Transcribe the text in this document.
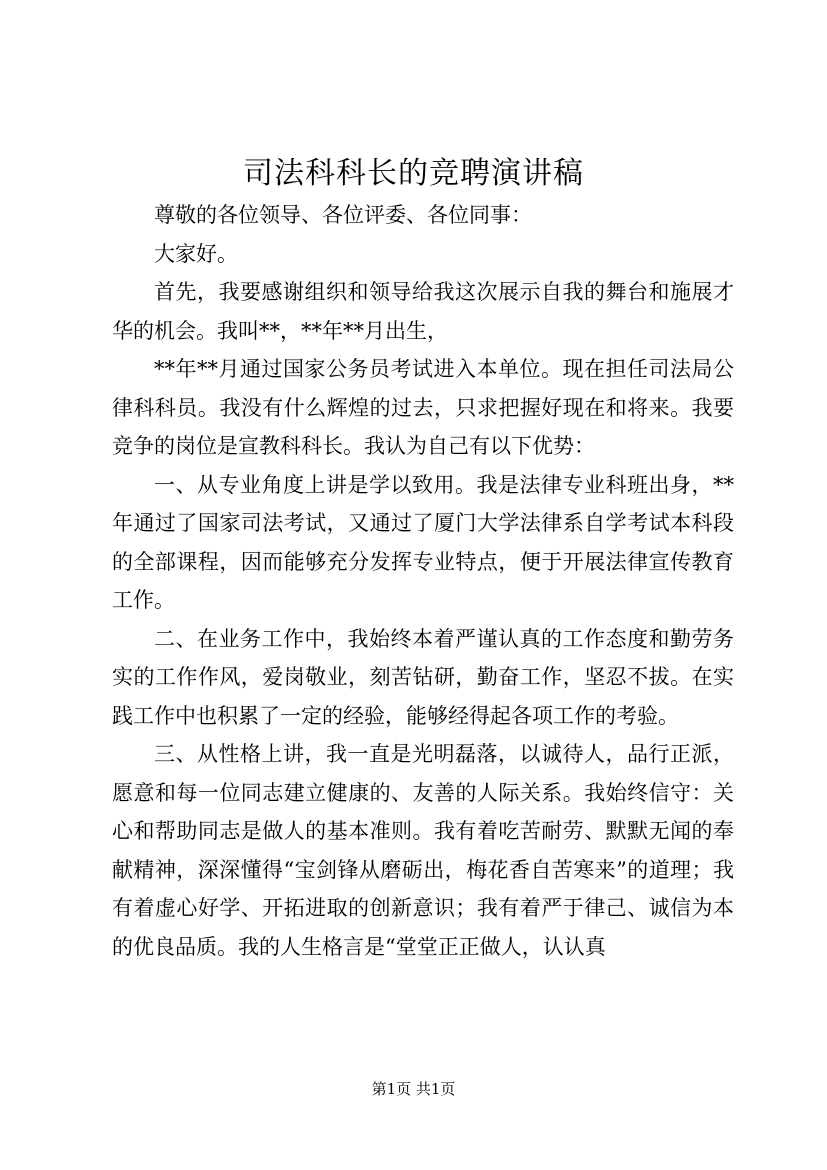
司法科科长的竞聘演讲稿

尊敬的各位领导、各位评委、各位同事：

大家好。

首先，我要感谢组织和领导给我这次展示自我的舞台和施展才华的机会。我叫**，**年**月出生，

**年**月通过国家公务员考试进入本单位。现在担任司法局公律科科员。我没有什么辉煌的过去，只求把握好现在和将来。我要竞争的岗位是宣教科科长。我认为自己有以下优势：

一、从专业角度上讲是学以致用。我是法律专业科班出身，**年通过了国家司法考试，又通过了厦门大学法律系自学考试本科段的全部课程，因而能够充分发挥专业特点，便于开展法律宣传教育工作。

二、在业务工作中，我始终本着严谨认真的工作态度和勤劳务实的工作作风，爱岗敬业，刻苦钻研，勤奋工作，坚忍不拔。在实践工作中也积累了一定的经验，能够经得起各项工作的考验。

三、从性格上讲，我一直是光明磊落，以诚待人，品行正派，愿意和每一位同志建立健康的、友善的人际关系。我始终信守：关心和帮助同志是做人的基本准则。我有着吃苦耐劳、默默无闻的奉献精神，深深懂得“宝剑锋从磨砺出，梅花香自苦寒来”的道理；我有着虚心好学、开拓进取的创新意识；我有着严于律己、诚信为本的优良品质。我的人生格言是“堂堂正正做人，认认真

第1页 共1页
